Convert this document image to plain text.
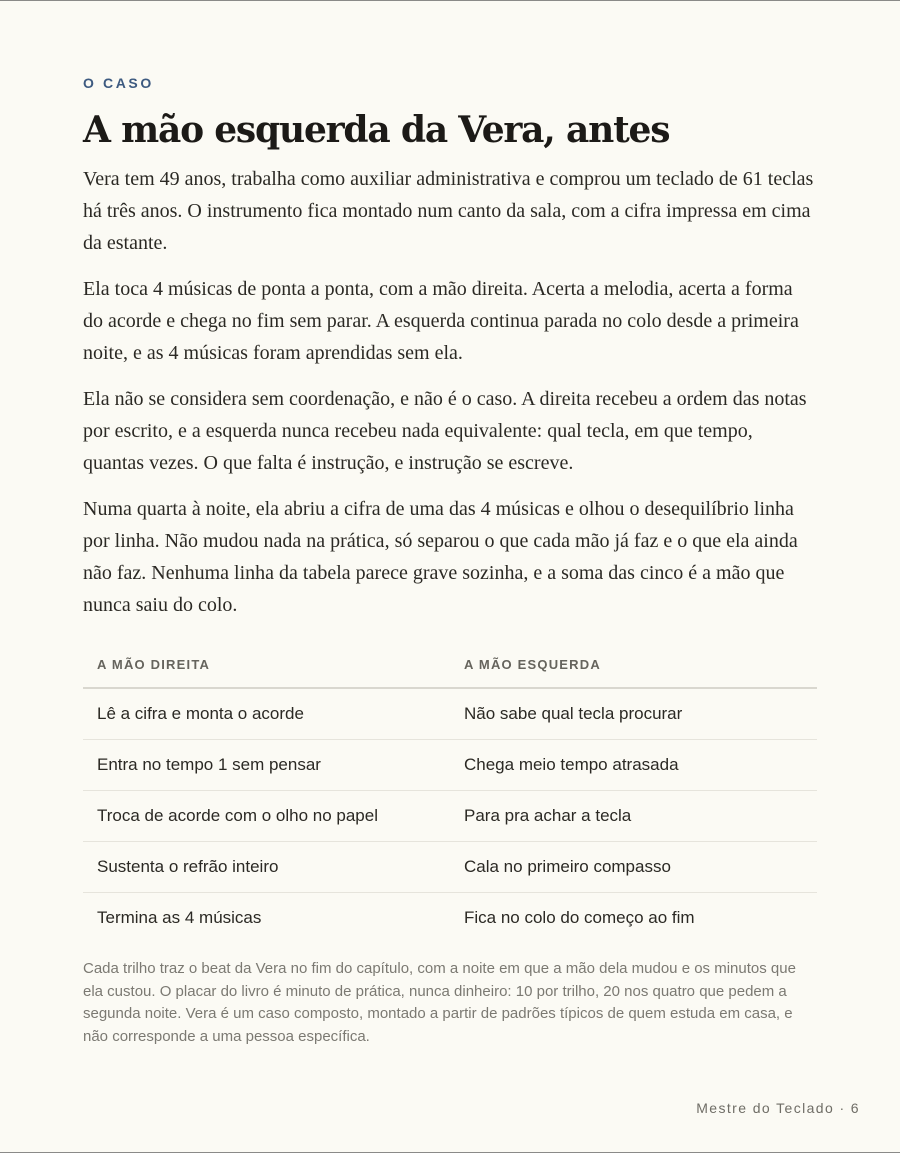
O CASO
A mão esquerda da Vera, antes

Vera tem 49 anos, trabalha como auxiliar administrativa e comprou um teclado de 61 teclas há três anos. O instrumento fica montado num canto da sala, com a cifra impressa em cima da estante.

Ela toca 4 músicas de ponta a ponta, com a mão direita. Acerta a melodia, acerta a forma do acorde e chega no fim sem parar. A esquerda continua parada no colo desde a primeira noite, e as 4 músicas foram aprendidas sem ela.

Ela não se considera sem coordenação, e não é o caso. A direita recebeu a ordem das notas por escrito, e a esquerda nunca recebeu nada equivalente: qual tecla, em que tempo, quantas vezes. O que falta é instrução, e instrução se escreve.

Numa quarta à noite, ela abriu a cifra de uma das 4 músicas e olhou o desequilíbrio linha por linha. Não mudou nada na prática, só separou o que cada mão já faz e o que ela ainda não faz. Nenhuma linha da tabela parece grave sozinha, e a soma das cinco é a mão que nunca saiu do colo.

A MÃO DIREITA	A MÃO ESQUERDA
Lê a cifra e monta o acorde	Não sabe qual tecla procurar
Entra no tempo 1 sem pensar	Chega meio tempo atrasada
Troca de acorde com o olho no papel	Para pra achar a tecla
Sustenta o refrão inteiro	Cala no primeiro compasso
Termina as 4 músicas	Fica no colo do começo ao fim

Cada trilho traz o beat da Vera no fim do capítulo, com a noite em que a mão dela mudou e os minutos que ela custou. O placar do livro é minuto de prática, nunca dinheiro: 10 por trilho, 20 nos quatro que pedem a segunda noite. Vera é um caso composto, montado a partir de padrões típicos de quem estuda em casa, e não corresponde a uma pessoa específica.

Mestre do Teclado · 6
